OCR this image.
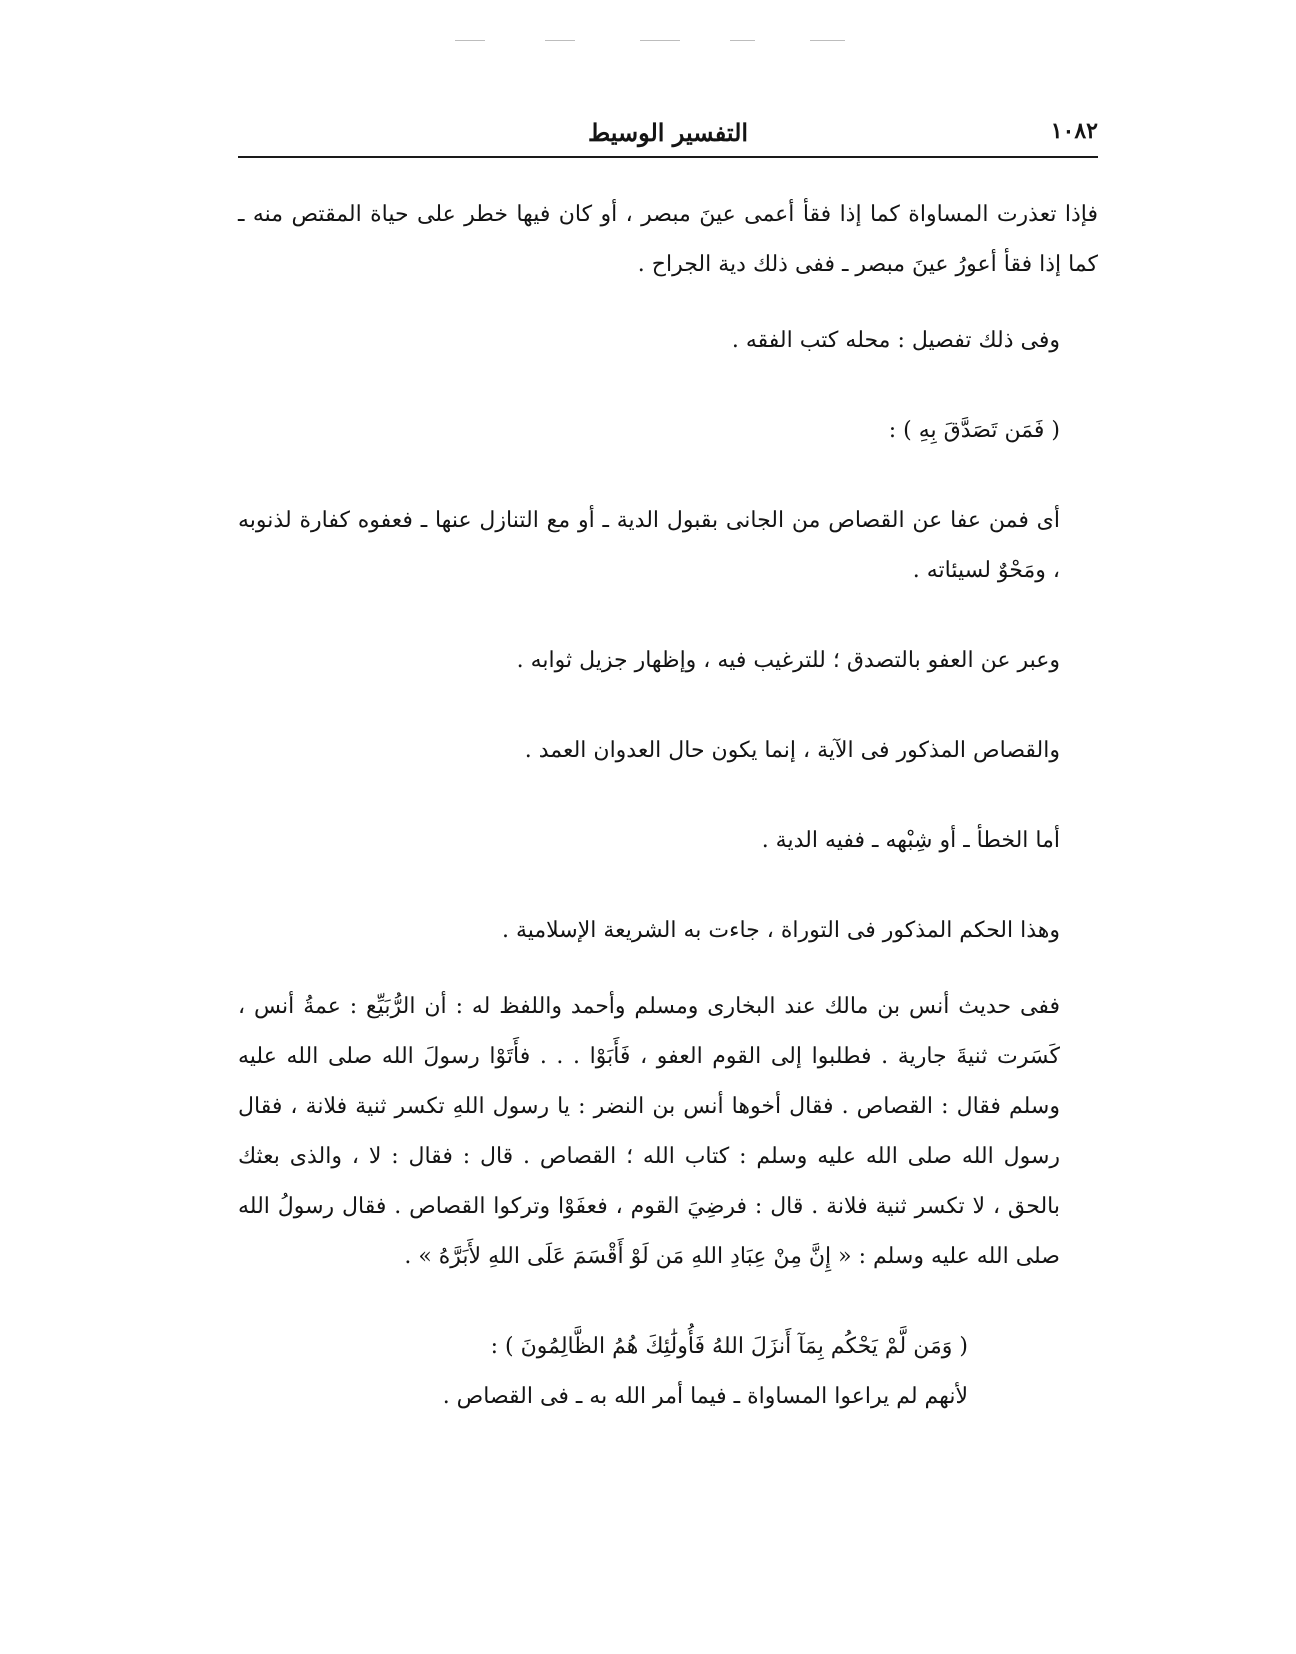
١٠٨٢
التفسير الوسيط

فإذا تعذرت المساواة كما إذا فقأ أعمى عينَ مبصر ، أو كان فيها خطر على حياة المقتص منه ـ كما إذا فقأ أعورُ عينَ مبصر ـ ففى ذلك دية الجراح .

وفى ذلك تفصيل : محله كتب الفقه .

( فَمَن تَصَدَّقَ بِهِ ) :

أى فمن عفا عن القصاص من الجانى بقبول الدية ـ أو مع التنازل عنها ـ فعفوه كفارة لذنوبه ، ومَحْوٌ لسيئاته .

وعبر عن العفو بالتصدق ؛ للترغيب فيه ، وإظهار جزيل ثوابه .

والقصاص المذكور فى الآية ، إنما يكون حال العدوان العمد .

أما الخطأ ـ أو شِبْهه ـ ففيه الدية .

وهذا الحكم المذكور فى التوراة ، جاءت به الشريعة الإسلامية .

ففى حديث أنس بن مالك عند البخارى ومسلم وأحمد واللفظ له : أن الرُّبَيِّع : عمةُ أنس ، كَسَرت ثنيةَ جارية . فطلبوا إلى القوم العفو ، فَأَبَوْا . . . فأَتَوْا رسولَ الله صلى الله عليه وسلم فقال : القصاص . فقال أخوها أنس بن النضر : يا رسول اللهِ تكسر ثنية فلانة ، فقال رسول الله صلى الله عليه وسلم : كتاب الله ؛ القصاص . قال : فقال : لا ، والذى بعثك بالحق ، لا تكسر ثنية فلانة . قال : فرضِيَ القوم ، فعفَوْا وتركوا القصاص . فقال رسولُ الله صلى الله عليه وسلم : « إِنَّ مِنْ عِبَادِ اللهِ مَن لَوْ أَقْسَمَ عَلَى اللهِ لأَبَرَّهُ » .

( وَمَن لَّمْ يَحْكُم بِمَآ أَنزَلَ اللهُ فَأُولَٰئِكَ هُمُ الظَّالِمُونَ ) :

لأنهم لم يراعوا المساواة ـ فيما أمر الله به ـ فى القصاص .
